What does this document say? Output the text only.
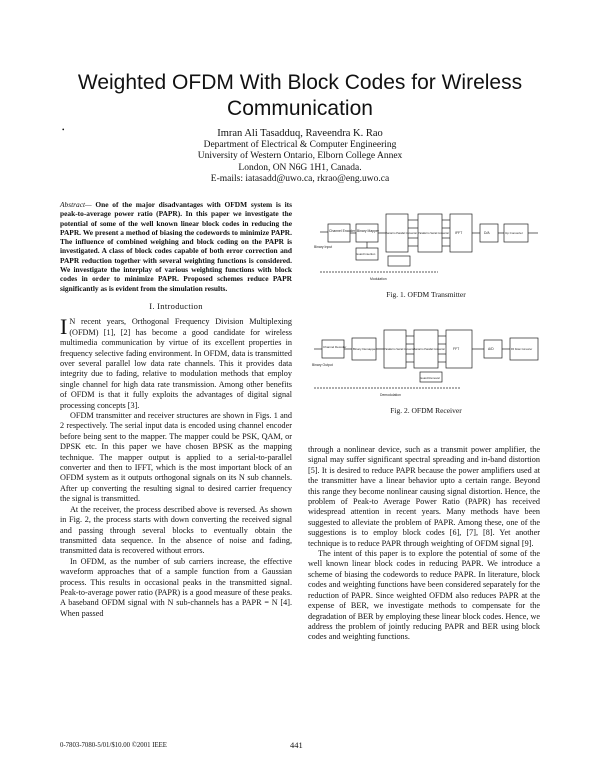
•
Weighted OFDM With Block Codes for Wireless Communication
Imran Ali Tasadduq, Raveendra K. Rao
Department of Electrical & Computer Engineering
University of Western Ontario, Elborn College Annex
London, ON N6G 1H1, Canada.
E-mails: iatasadd@uwo.ca, rkrao@eng.uwo.ca

Abstract— One of the major disadvantages with OFDM system is its peak-to-average power ratio (PAPR). In this paper we investigate the potential of some of the well known linear block codes in reducing the PAPR. We present a method of biasing the codewords to minimize PAPR. The influence of combined weighing and block coding on the PAPR is investigated. A class of block codes capable of both error correction and PAPR reduction together with several weighting functions is considered. We investigate the interplay of various weighting functions with block codes in order to minimize PAPR. Proposed schemes reduce PAPR significantly as is evident from the simulation results.

I. Introduction

I N recent years, Orthogonal Frequency Division Multiplexing (OFDM) [1], [2] has become a good candidate for wireless multimedia communication by virtue of its excellent properties in frequency selective fading environment. In OFDM, data is transmitted over several parallel low data rate channels. This it provides data integrity due to fading, relative to modulation methods that employ single channel for high data rate transmission. Among other benefits of OFDM is that it fully exploits the advantages of digital signal processing concepts [3].

OFDM transmitter and receiver structures are shown in Figs. 1 and 2 respectively. The serial input data is encoded using channel encoder before being sent to the mapper. The mapper could be PSK, QAM, or DPSK etc. In this paper we have chosen BPSK as the mapping technique. The mapper output is applied to a serial-to-parallel converter and then to IFFT, which is the most important block of an OFDM system as it outputs orthogonal signals on its N sub channels. After up converting the resulting signal to desired carrier frequency the signal is transmitted.

At the receiver, the process described above is reversed. As shown in Fig. 2, the process starts with down converting the received signal and passing through several blocks to eventually obtain the transmitted data sequence. In the absence of noise and fading, transmitted data is recovered without errors.

In OFDM, as the number of sub carriers increase, the effective waveform approaches that of a sample function from a Gaussian process. This results in occasional peaks in the transmitted signal. Peak-to-average power ratio (PAPR) is a good measure of these peaks. A baseband OFDM signal with N sub-channels has a PAPR = N [4]. When passed

Channel Encoder Binary Mapper
Serial to Parallel Converter Parallel to Serial Converter IFFT
Guard Insertion
D/A	Up Converter
Binary Input
Modulation
Fig. 1. OFDM Transmitter
Channel Decoder Binary Demapper	Parallel to Serial Converter Serial to Parallel Converter FFT
Guard Removal
A/D	RF Down Converter
Binary Output
Demodulation
Fig. 2. OFDM Receiver

through a nonlinear device, such as a transmit power amplifier, the signal may suffer significant spectral spreading and in-band distortion [5]. It is desired to reduce PAPR because the power amplifiers used at the transmitter have a linear behavior upto a certain range. Beyond this range they become nonlinear causing signal distortion. Hence, the problem of Peak-to Average Power Ratio (PAPR) has received widespread attention in recent years. Many methods have been suggested to alleviate the problem of PAPR. Among these, one of the suggestions is to employ block codes [6], [7], [8]. Yet another technique is to reduce PAPR through weighting of OFDM signal [9].

The intent of this paper is to explore the potential of some of the well known linear block codes in reducing PAPR. We introduce a scheme of biasing the codewords to reduce PAPR. In literature, block codes and weighting functions have been considered separately for the reduction of PAPR. Since weighted OFDM also reduces PAPR at the expense of BER, we investigate methods to compensate for the degradation of BER by employing these linear block codes. Hence, we address the problem of jointly reducing PAPR and BER using block codes and weighting functions.

0-7803-7080-5/01/$10.00 ©2001 IEEE	441
